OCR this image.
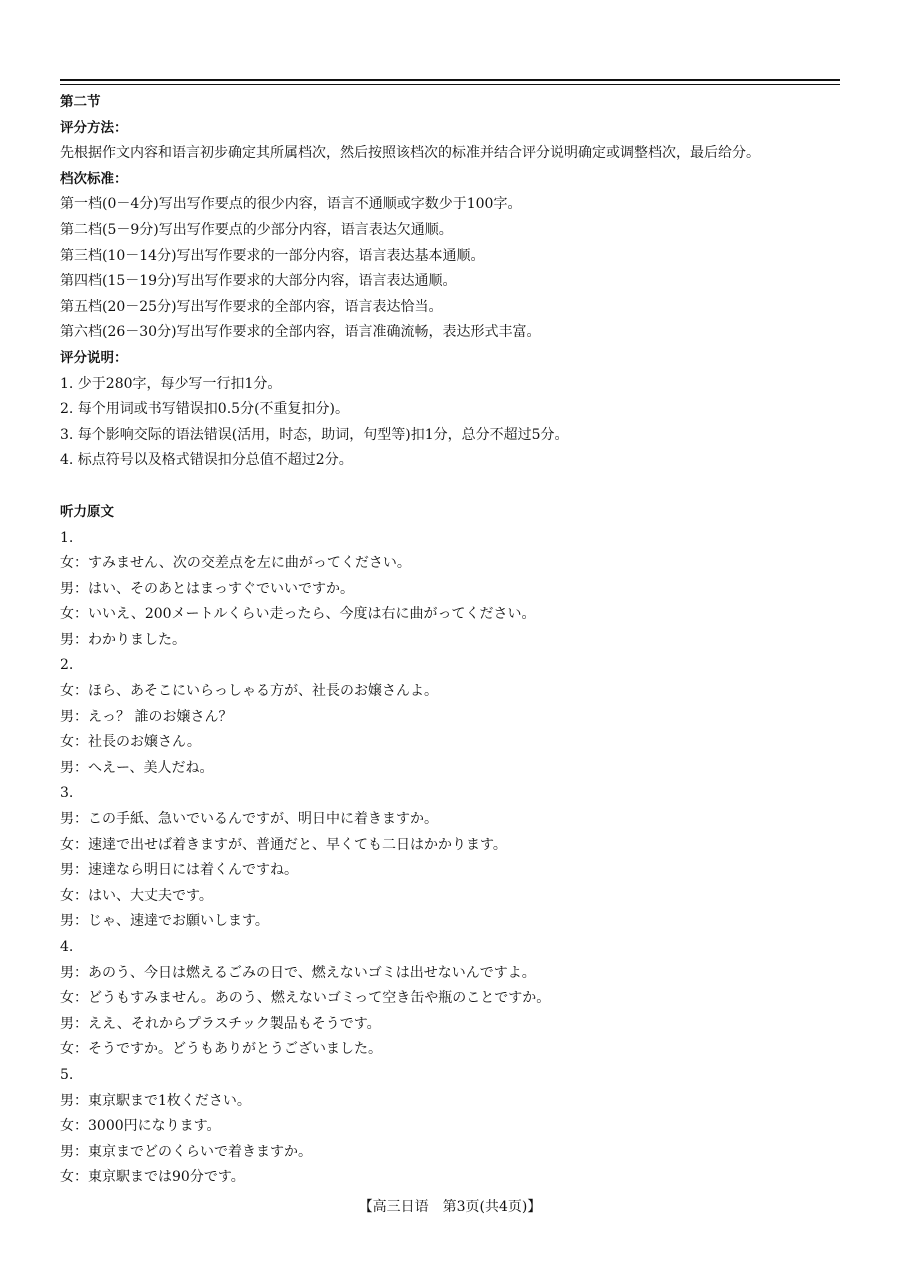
第二节
评分方法：
先根据作文内容和语言初步确定其所属档次，然后按照该档次的标准并结合评分说明确定或调整档次，最后给分。
档次标准：
第一档(0－4分)写出写作要点的很少内容，语言不通顺或字数少于100字。
第二档(5－9分)写出写作要点的少部分内容，语言表达欠通顺。
第三档(10－14分)写出写作要求的一部分内容，语言表达基本通顺。
第四档(15－19分)写出写作要求的大部分内容，语言表达通顺。
第五档(20－25分)写出写作要求的全部内容，语言表达恰当。
第六档(26－30分)写出写作要求的全部内容，语言准确流畅，表达形式丰富。
评分说明：
1. 少于280字，每少写一行扣1分。
2. 每个用词或书写错误扣0.5分(不重复扣分)。
3. 每个影响交际的语法错误(活用，时态，助词，句型等)扣1分，总分不超过5分。
4. 标点符号以及格式错误扣分总值不超过2分。
听力原文
1.
女：すみません、次の交差点を左に曲がってください。
男：はい、そのあとはまっすぐでいいですか。
女：いいえ、200メートルくらい走ったら、今度は右に曲がってください。
男：わかりました。
2.
女：ほら、あそこにいらっしゃる方が、社長のお嬢さんよ。
男：えっ？ 誰のお嬢さん？
女：社長のお嬢さん。
男：へえー、美人だね。
3.
男：この手紙、急いでいるんですが、明日中に着きますか。
女：速達で出せば着きますが、普通だと、早くても二日はかかります。
男：速達なら明日には着くんですね。
女：はい、大丈夫です。
男：じゃ、速達でお願いします。
4.
男：あのう、今日は燃えるごみの日で、燃えないゴミは出せないんですよ。
女：どうもすみません。あのう、燃えないゴミって空き缶や瓶のことですか。
男：ええ、それからプラスチック製品もそうです。
女：そうですか。どうもありがとうございました。
5.
男：東京駅まで1枚ください。
女：3000円になります。
男：東京までどのくらいで着きますか。
女：東京駅までは90分です。
【高三日语　第3页(共4页)】
